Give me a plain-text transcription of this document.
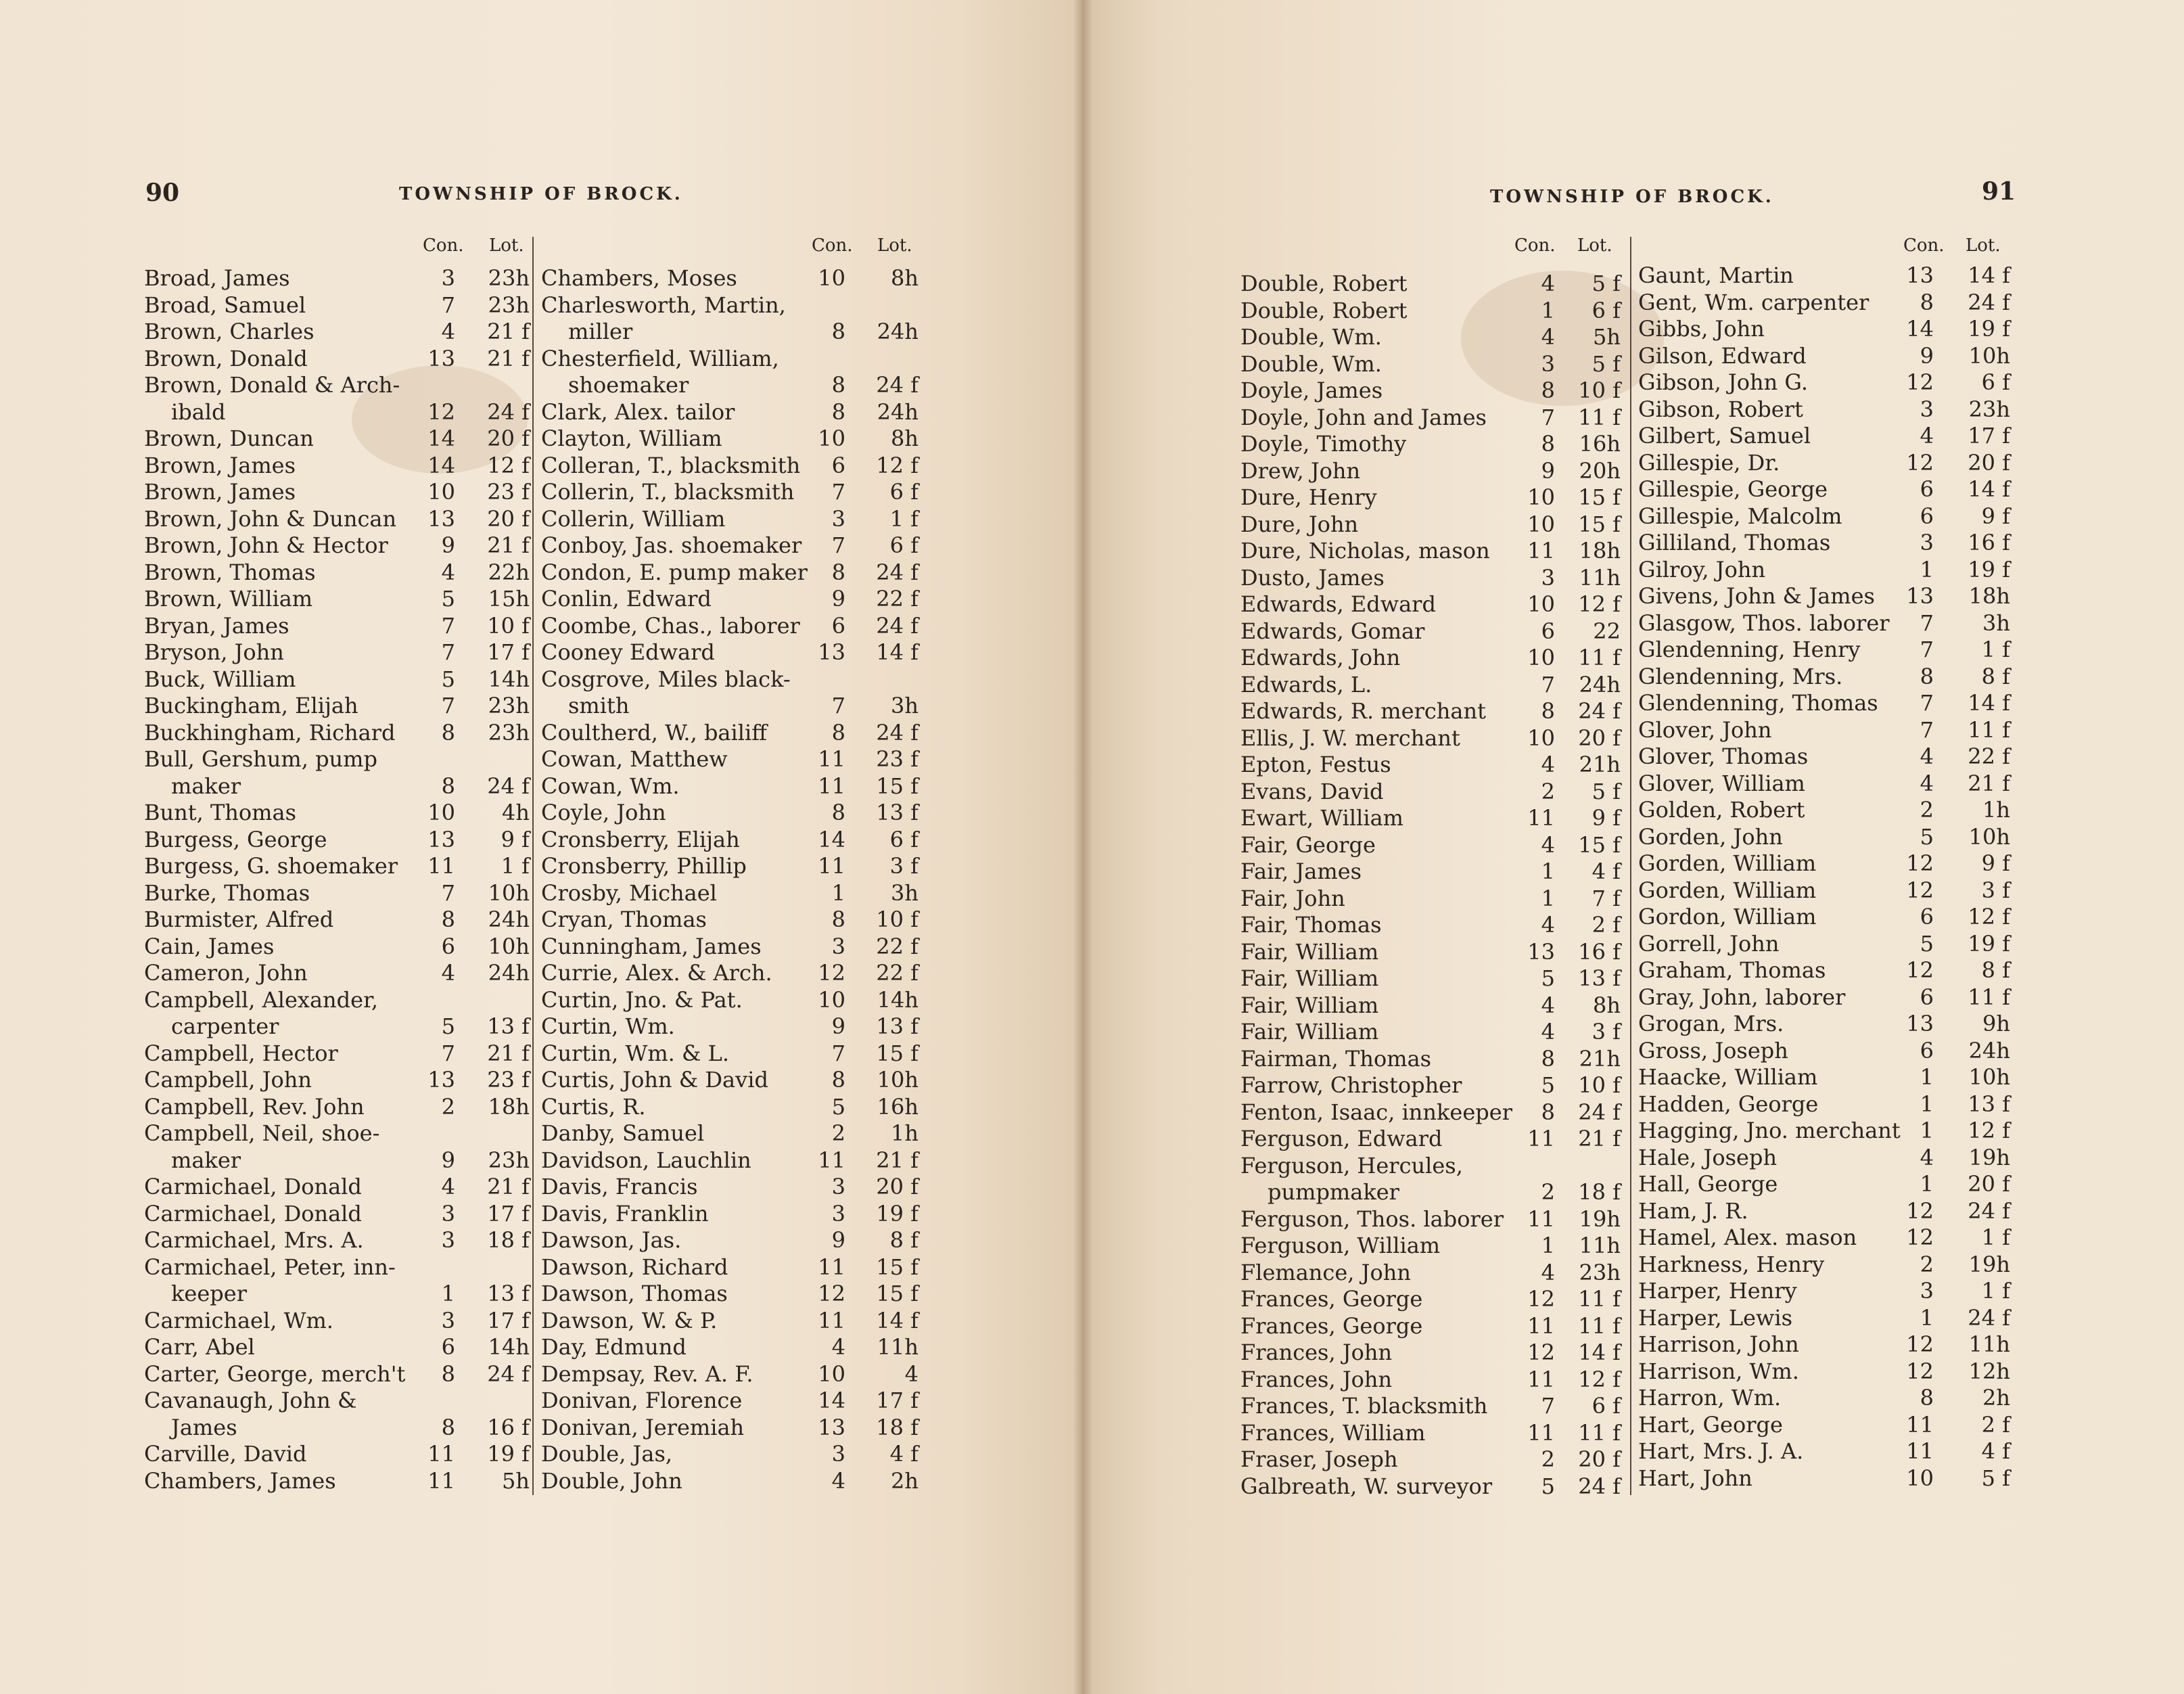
90	TOWNSHIP OF BROCK.
Con. Lot.
Broad, James	3	23h
Broad, Samuel	7	23h
Brown, Charles	4	21 f
Brown, Donald	13	21 f
Brown, Donald & Arch-
ibald	12	24 f
Brown, Duncan	14	20 f
Brown, James	14	12 f
Brown, James	10	23 f
Brown, John & Duncan	13	20 f
Brown, John & Hector	9	21 f
Brown, Thomas	4	22h
Brown, William	5	15h
Bryan, James	7	10 f
Bryson, John	7	17 f
Buck, William	5	14h
Buckingham, Elijah	7	23h
Buckhingham, Richard	8	23h
Bull, Gershum, pump
maker	8	24 f
Bunt, Thomas	10	4h
Burgess, George	13	9 f
Burgess, G. shoemaker	11	1 f
Burke, Thomas	7	10h
Burmister, Alfred	8	24h
Cain, James	6	10h
Cameron, John	4	24h
Campbell, Alexander,
carpenter	5	13 f
Campbell, Hector	7	21 f
Campbell, John	13	23 f
Campbell, Rev. John	2	18h
Campbell, Neil, shoe-
maker	9	23h
Carmichael, Donald	4	21 f
Carmichael, Donald	3	17 f
Carmichael, Mrs. A.	3	18 f
Carmichael, Peter, inn-
keeper	1	13 f
Carmichael, Wm.	3	17 f
Carr, Abel	6	14h
Carter, George, merch't	8	24 f
Cavanaugh, John &
James	8	16 f
Carville, David	11	19 f
Chambers, James	11	5h
Con. Lot.
Chambers, Moses	10	8h
Charlesworth, Martin,
miller	8	24h
Chesterfield, William,
shoemaker	8	24 f
Clark, Alex. tailor	8	24h
Clayton, William	10	8h
Colleran, T., blacksmith	6	12 f
Collerin, T., blacksmith	7	6 f
Collerin, William	3	1 f
Conboy, Jas. shoemaker	7	6 f
Condon, E. pump maker	8	24 f
Conlin, Edward	9	22 f
Coombe, Chas., laborer	6	24 f
Cooney Edward	13	14 f
Cosgrove, Miles black-
smith	7	3h
Coultherd, W., bailiff	8	24 f
Cowan, Matthew	11	23 f
Cowan, Wm.	11	15 f
Coyle, John	8	13 f
Cronsberry, Elijah	14	6 f
Cronsberry, Phillip	11	3 f
Crosby, Michael	1	3h
Cryan, Thomas	8	10 f
Cunningham, James	3	22 f
Currie, Alex. & Arch.	12	22 f
Curtin, Jno. & Pat.	10	14h
Curtin, Wm.	9	13 f
Curtin, Wm. & L.	7	15 f
Curtis, John & David	8	10h
Curtis, R.	5	16h
Danby, Samuel	2	1h
Davidson, Lauchlin	11	21 f
Davis, Francis	3	20 f
Davis, Franklin	3	19 f
Dawson, Jas.	9	8 f
Dawson, Richard	11	15 f
Dawson, Thomas	12	15 f
Dawson, W. & P.	11	14 f
Day, Edmund	4	11h
Dempsay, Rev. A. F.	10	4
Donivan, Florence	14	17 f
Donivan, Jeremiah	13	18 f
Double, Jas,	3	4 f
Double, John	4	2h
TOWNSHIP OF BROCK.	91
Con. Lot.
Double, Robert	4	5 f
Double, Robert	1	6 f
Double, Wm.	4	5h
Double, Wm.	3	5 f
Doyle, James	8	10 f
Doyle, John and James	7	11 f
Doyle, Timothy	8	16h
Drew, John	9	20h
Dure, Henry	10	15 f
Dure, John	10	15 f
Dure, Nicholas, mason	11	18h
Dusto, James	3	11h
Edwards, Edward	10	12 f
Edwards, Gomar	6	22
Edwards, John	10	11 f
Edwards, L.	7	24h
Edwards, R. merchant	8	24 f
Ellis, J. W. merchant	10	20 f
Epton, Festus	4	21h
Evans, David	2	5 f
Ewart, William	11	9 f
Fair, George	4	15 f
Fair, James	1	4 f
Fair, John	1	7 f
Fair, Thomas	4	2 f
Fair, William	13	16 f
Fair, William	5	13 f
Fair, William	4	8h
Fair, William	4	3 f
Fairman, Thomas	8	21h
Farrow, Christopher	5	10 f
Fenton, Isaac, innkeeper	8	24 f
Ferguson, Edward	11	21 f
Ferguson, Hercules,
pumpmaker	2	18 f
Ferguson, Thos. laborer	11	19h
Ferguson, William	1	11h
Flemance, John	4	23h
Frances, George	12	11 f
Frances, George	11	11 f
Frances, John	12	14 f
Frances, John	11	12 f
Frances, T. blacksmith	7	6 f
Frances, William	11	11 f
Fraser, Joseph	2	20 f
Galbreath, W. surveyor	5	24 f
Con. Lot.
Gaunt, Martin	13	14 f
Gent, Wm. carpenter	8	24 f
Gibbs, John	14	19 f
Gilson, Edward	9	10h
Gibson, John G.	12	6 f
Gibson, Robert	3	23h
Gilbert, Samuel	4	17 f
Gillespie, Dr.	12	20 f
Gillespie, George	6	14 f
Gillespie, Malcolm	6	9 f
Gilliland, Thomas	3	16 f
Gilroy, John	1	19 f
Givens, John & James	13	18h
Glasgow, Thos. laborer	7	3h
Glendenning, Henry	7	1 f
Glendenning, Mrs.	8	8 f
Glendenning, Thomas	7	14 f
Glover, John	7	11 f
Glover, Thomas	4	22 f
Glover, William	4	21 f
Golden, Robert	2	1h
Gorden, John	5	10h
Gorden, William	12	9 f
Gorden, William	12	3 f
Gordon, William	6	12 f
Gorrell, John	5	19 f
Graham, Thomas	12	8 f
Gray, John, laborer	6	11 f
Grogan, Mrs.	13	9h
Gross, Joseph	6	24h
Haacke, William	1	10h
Hadden, George	1	13 f
Hagging, Jno. merchant 1	12 f
Hale, Joseph	4	19h
Hall, George	1	20 f
Ham, J. R.	12	24 f
Hamel, Alex. mason	12	1 f
Harkness, Henry	2	19h
Harper, Henry	3	1 f
Harper, Lewis	1	24 f
Harrison, John	12	11h
Harrison, Wm.	12	12h
Harron, Wm.	8	2h
Hart, George	11	2 f
Hart, Mrs. J. A.	11	4 f
Hart, John	10	5 f
